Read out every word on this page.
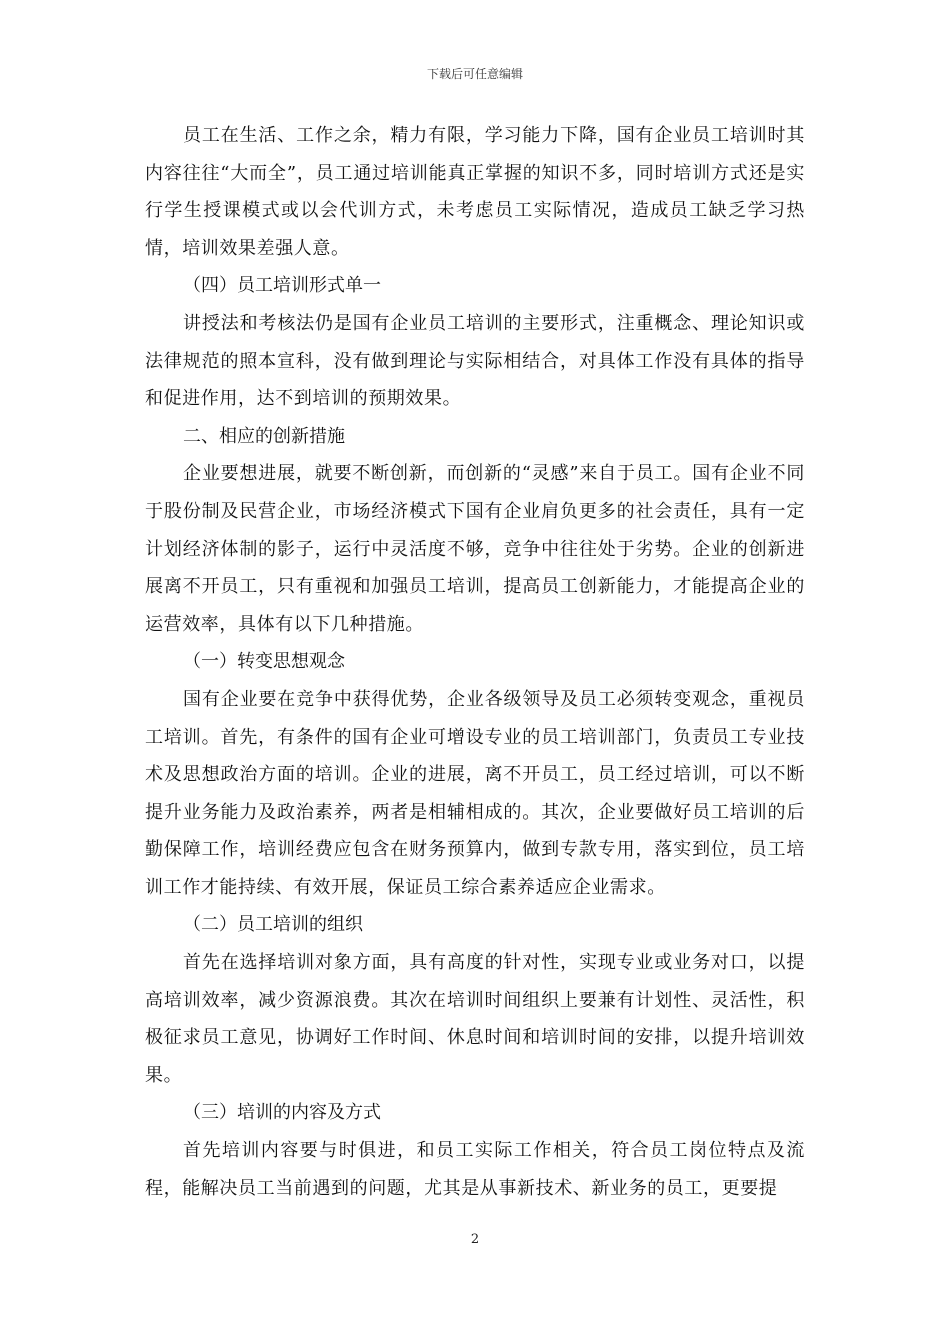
下载后可任意编辑

员工在生活、工作之余，精力有限，学习能力下降，国有企业员工培训时其内容往往“大而全”，员工通过培训能真正掌握的知识不多，同时培训方式还是实行学生授课模式或以会代训方式，未考虑员工实际情况，造成员工缺乏学习热情，培训效果差强人意。

（四）员工培训形式单一

讲授法和考核法仍是国有企业员工培训的主要形式，注重概念、理论知识或法律规范的照本宣科，没有做到理论与实际相结合，对具体工作没有具体的指导和促进作用，达不到培训的预期效果。

二、相应的创新措施

企业要想进展，就要不断创新，而创新的“灵感”来自于员工。国有企业不同于股份制及民营企业，市场经济模式下国有企业肩负更多的社会责任，具有一定计划经济体制的影子，运行中灵活度不够，竞争中往往处于劣势。企业的创新进展离不开员工，只有重视和加强员工培训，提高员工创新能力，才能提高企业的运营效率，具体有以下几种措施。

（一）转变思想观念

国有企业要在竞争中获得优势，企业各级领导及员工必须转变观念，重视员工培训。首先，有条件的国有企业可增设专业的员工培训部门，负责员工专业技术及思想政治方面的培训。企业的进展，离不开员工，员工经过培训，可以不断提升业务能力及政治素养，两者是相辅相成的。其次，企业要做好员工培训的后勤保障工作，培训经费应包含在财务预算内，做到专款专用，落实到位，员工培训工作才能持续、有效开展，保证员工综合素养适应企业需求。

（二）员工培训的组织

首先在选择培训对象方面，具有高度的针对性，实现专业或业务对口，以提高培训效率，减少资源浪费。其次在培训时间组织上要兼有计划性、灵活性，积极征求员工意见，协调好工作时间、休息时间和培训时间的安排，以提升培训效果。

（三）培训的内容及方式

首先培训内容要与时俱进，和员工实际工作相关，符合员工岗位特点及流程，能解决员工当前遇到的问题，尤其是从事新技术、新业务的员工，更要提

2
